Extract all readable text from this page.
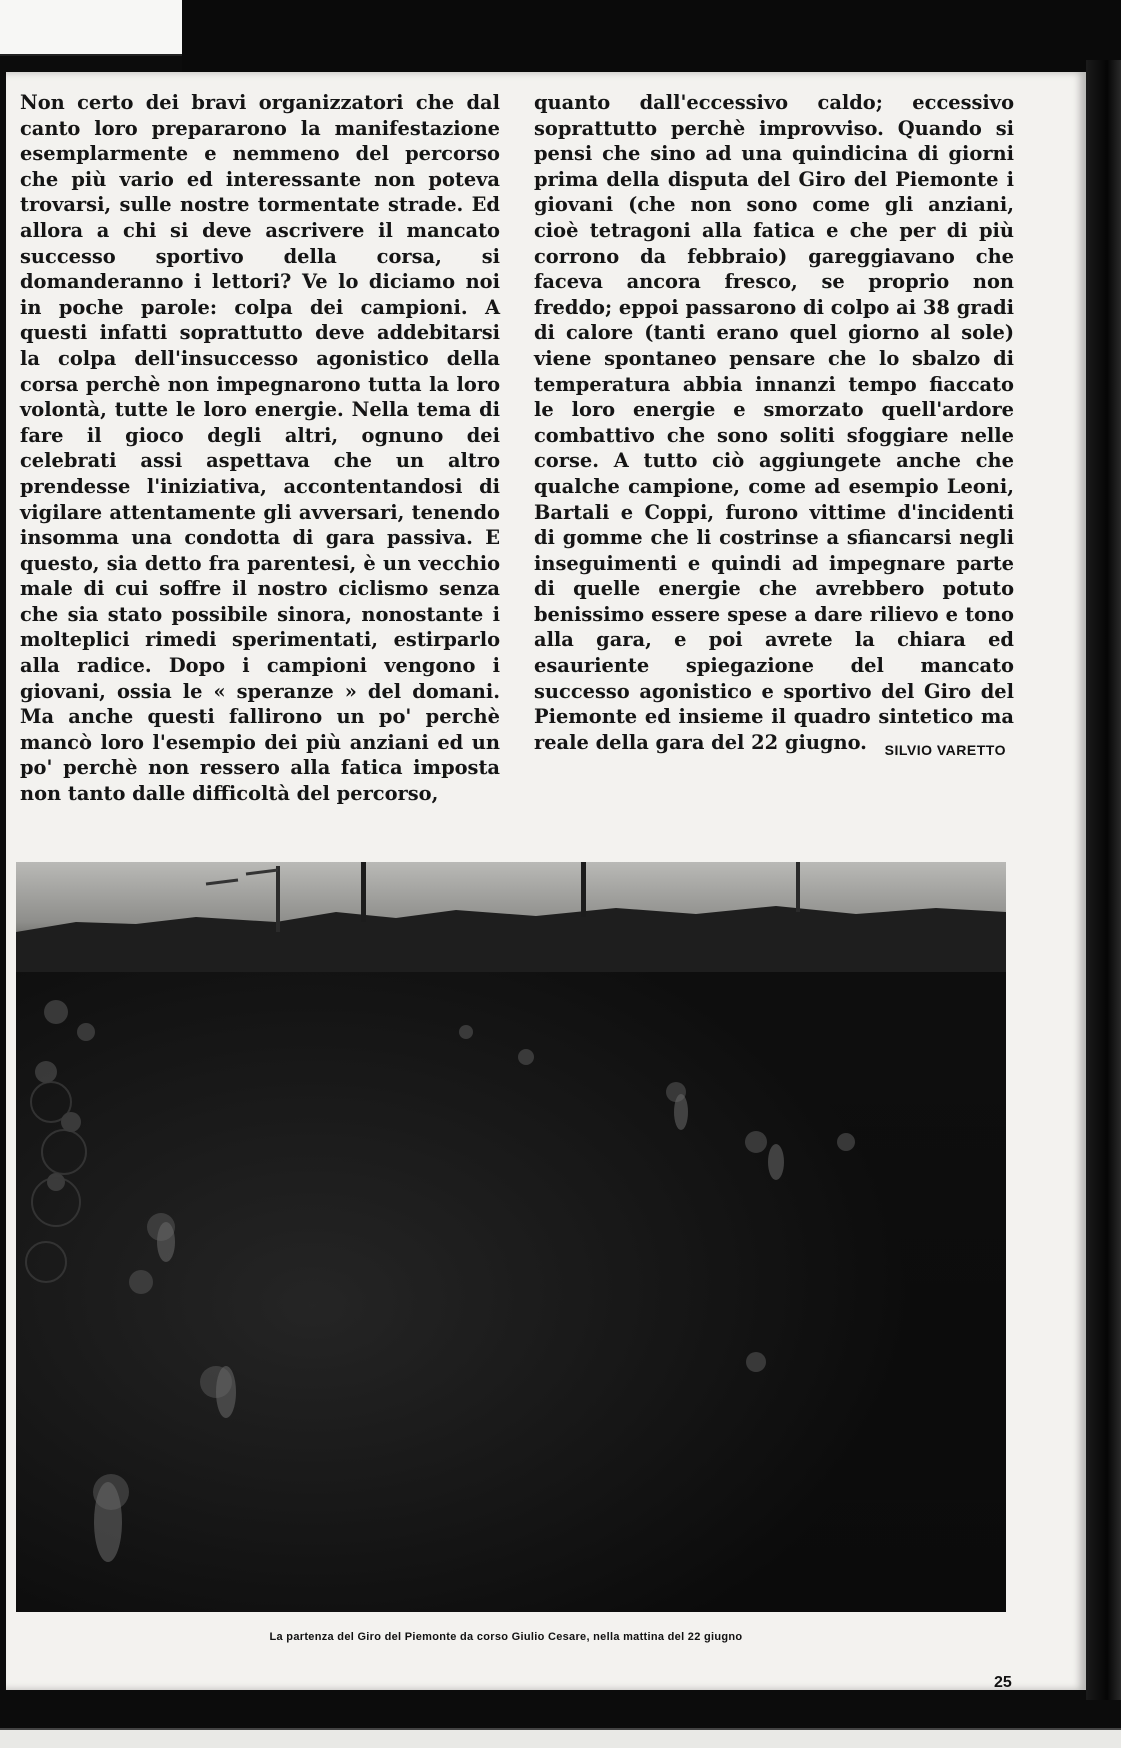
Non certo dei bravi organizzatori che dal canto loro prepararono la manifestazione esemplarmente e nemmeno del percorso che più vario ed interessante non poteva trovarsi, sulle nostre tormentate strade. Ed allora a chi si deve ascrivere il mancato successo sportivo della corsa, si domanderanno i lettori? Ve lo diciamo noi in poche parole: colpa dei campioni. A questi infatti soprattutto deve addebitarsi la colpa dell'insuccesso agonistico della corsa perchè non impegnarono tutta la loro volontà, tutte le loro energie. Nella tema di fare il gioco degli altri, ognuno dei celebrati assi aspettava che un altro prendesse l'iniziativa, accontentandosi di vigilare attentamente gli avversari, tenendo insomma una condotta di gara passiva. E questo, sia detto fra parentesi, è un vecchio male di cui soffre il nostro ciclismo senza che sia stato possibile sinora, nonostante i molteplici rimedi sperimentati, estirparlo alla radice. Dopo i campioni vengono i giovani, ossia le « speranze » del domani. Ma anche questi fallirono un po' perchè mancò loro l'esempio dei più anziani ed un po' perchè non ressero alla fatica imposta non tanto dalle difficoltà del percorso,

quanto dall'eccessivo caldo; eccessivo soprattutto perchè improvviso. Quando si pensi che sino ad una quindicina di giorni prima della disputa del Giro del Piemonte i giovani (che non sono come gli anziani, cioè tetragoni alla fatica e che per di più corrono da febbraio) gareggiavano che faceva ancora fresco, se proprio non freddo; eppoi passarono di colpo ai 38 gradi di calore (tanti erano quel giorno al sole) viene spontaneo pensare che lo sbalzo di temperatura abbia innanzi tempo fiaccato le loro energie e smorzato quell'ardore combattivo che sono soliti sfoggiare nelle corse. A tutto ciò aggiungete anche che qualche campione, come ad esempio Leoni, Bartali e Coppi, furono vittime d'incidenti di gomme che li costrinse a sfiancarsi negli inseguimenti e quindi ad impegnare parte di quelle energie che avrebbero potuto benissimo essere spese a dare rilievo e tono alla gara, e poi avrete la chiara ed esauriente spiegazione del mancato successo agonistico e sportivo del Giro del Piemonte ed insieme il quadro sintetico ma reale della gara del 22 giugno.	SILVIO VARETTO
La partenza del Giro del Piemonte da corso Giulio Cesare, nella mattina del 22 giugno
25
